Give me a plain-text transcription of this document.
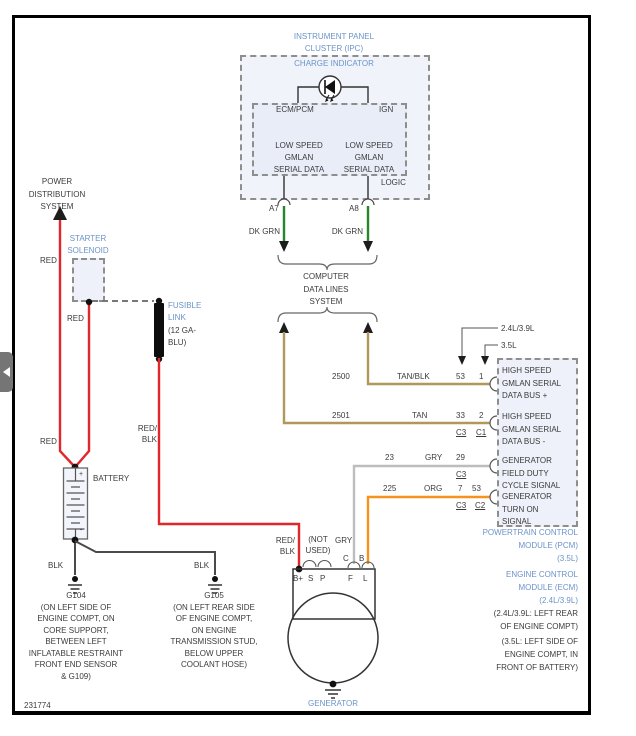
INSTRUMENT PANEL
CLUSTER (IPC)
CHARGE INDICATOR
ECM/PCM	IGN
LOW SPEED
GMLAN
SERIAL DATA
LOW SPEED
GMLAN
SERIAL DATA
LOGIC
A7	A8
DK GRN	DK GRN
COMPUTER
DATA LINES
SYSTEM
2500	TAN/BLK	53 1
2501	TAN	33 2
C3 C1
2.4L/3.9L
3.5L
23	GRY 29
C3
225	ORG 7 53
C3 C2
HIGH SPEED
GMLAN SERIAL
DATA BUS +
HIGH SPEED
GMLAN SERIAL
DATA BUS -
GENERATOR
FIELD DUTY
CYCLE SIGNAL
GENERATOR
TURN ON
SIGNAL
POWERTRAIN CONTROL
MODULE (PCM)
(3.5L)
ENGINE CONTROL
MODULE (ECM)
(2.4L/3.9L)
(2.4L/3.9L: LEFT REAR
OF ENGINE COMPT)
(3.5L: LEFT SIDE OF
ENGINE COMPT, IN
FRONT OF BATTERY)
POWER
DISTRIBUTION
SYSTEM
RED
STARTER
SOLENOID
RED
RED
FUSIBLE
LINK
(12 GA-
BLU)
RED/
BLK
BATTERY
+
-
BLK	BLK
G104
(ON LEFT SIDE OF
ENGINE COMPT, ON
CORE SUPPORT,
BETWEEN LEFT
INFLATABLE RESTRAINT
FRONT END SENSOR
& G109)
G105
(ON LEFT REAR SIDE
OF ENGINE COMPT,
ON ENGINE
TRANSMISSION STUD,
BELOW UPPER
COOLANT HOSE)
RED/
BLK
(NOT
USED)
GRY
C B
B+ S P	F L
GENERATOR
231774
